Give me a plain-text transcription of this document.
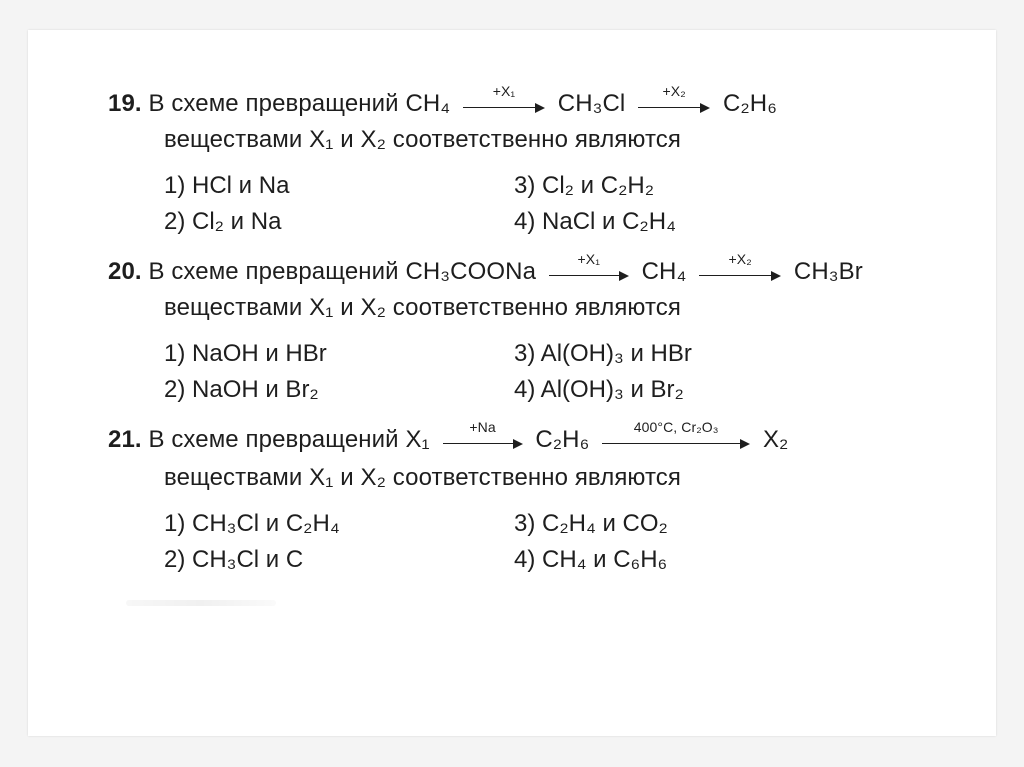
19. В схеме превращений CH₄	+X₁	CH₃Cl	+X₂	C₂H₆
веществами X₁ и X₂ соответственно являются
1) HCl и Na
2) Cl₂ и Na
3) Cl₂ и C₂H₂
4) NaCl и C₂H₄
20. В схеме превращений CH₃COONa	+X₁	CH₄	+X₂	CH₃Br
веществами X₁ и X₂ соответственно являются
1) NaOH и HBr
2) NaOH и Br₂
3) Al(OH)₃ и HBr
4) Al(OH)₃ и Br₂
21. В схеме превращений X₁	+Na	C₂H₆	400°C, Cr₂O₃	X₂
веществами X₁ и X₂ соответственно являются
1) CH₃Cl и C₂H₄
2) CH₃Cl и C
3) C₂H₄ и CO₂
4) CH₄ и C₆H₆
